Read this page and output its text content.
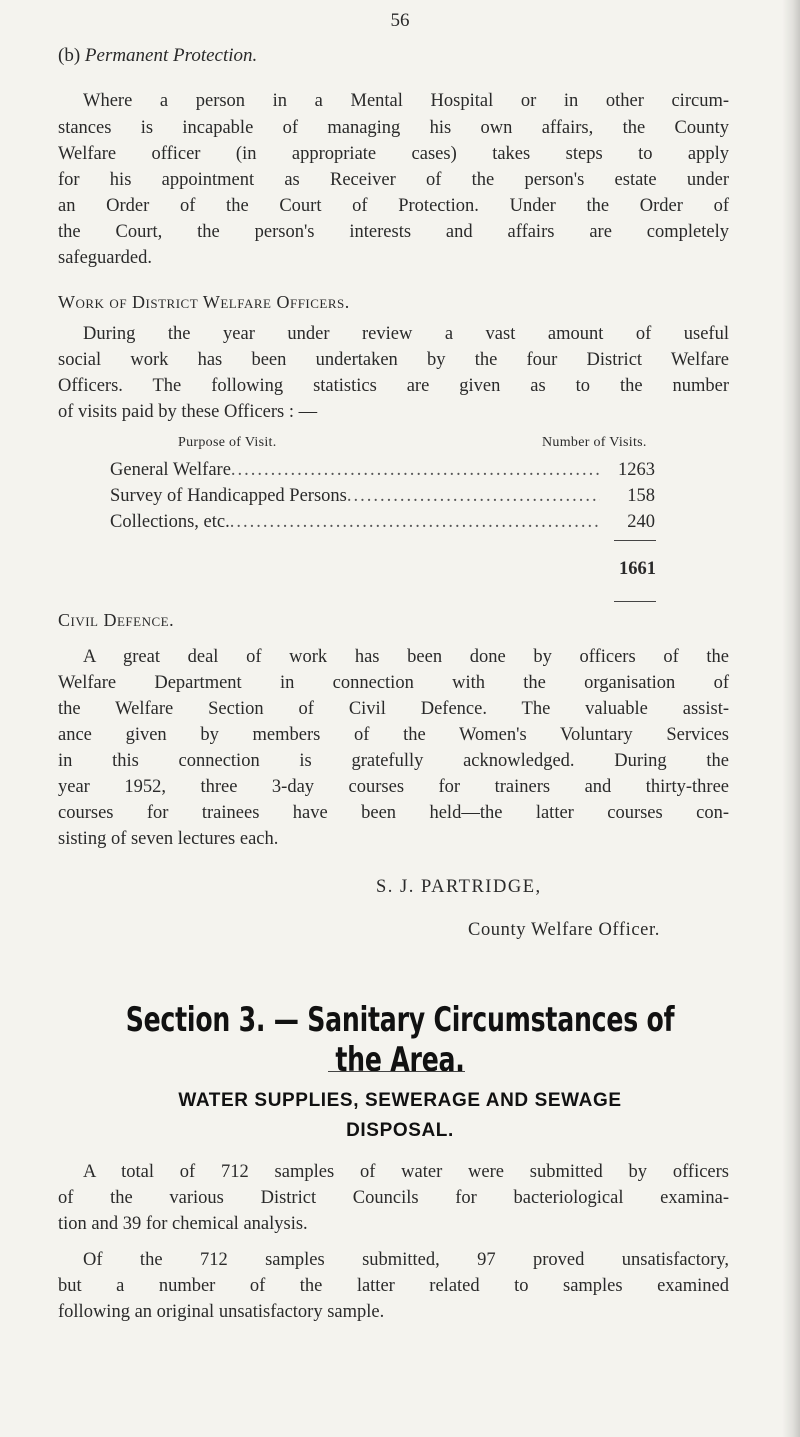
56
(b) Permanent Protection.
Where a person in a Mental Hospital or in other circum-
stances is incapable of managing his own affairs, the County
Welfare officer (in appropriate cases) takes steps to apply
for his appointment as Receiver of the person's estate under
an Order of the Court of Protection. Under the Order of
the Court, the person's interests and affairs are completely
safeguarded.
Work of District Welfare Officers.
During the year under review a vast amount of useful
social work has been undertaken by the four District Welfare
Officers. The following statistics are given as to the number
of visits paid by these Officers : —
Purpose of Visit.	Number of Visits.
General Welfare .....	1263
Survey of Handicapped Persons .....	158
Collections, etc. .....	240
1661
Civil Defence.
A great deal of work has been done by officers of the
Welfare Department in connection with the organisation of
the Welfare Section of Civil Defence. The valuable assist-
ance given by members of the Women's Voluntary Services
in this connection is gratefully acknowledged. During the
year 1952, three 3-day courses for trainers and thirty-three
courses for trainees have been held—the latter courses con-
sisting of seven lectures each.
S. J. PARTRIDGE,
County Welfare Officer.
Section 3. — Sanitary Circumstances of the Area.
WATER SUPPLIES, SEWERAGE AND SEWAGE
DISPOSAL.
A total of 712 samples of water were submitted by officers
of the various District Councils for bacteriological examina-
tion and 39 for chemical analysis.
Of the 712 samples submitted, 97 proved unsatisfactory,
but a number of the latter related to samples examined
following an original unsatisfactory sample.
